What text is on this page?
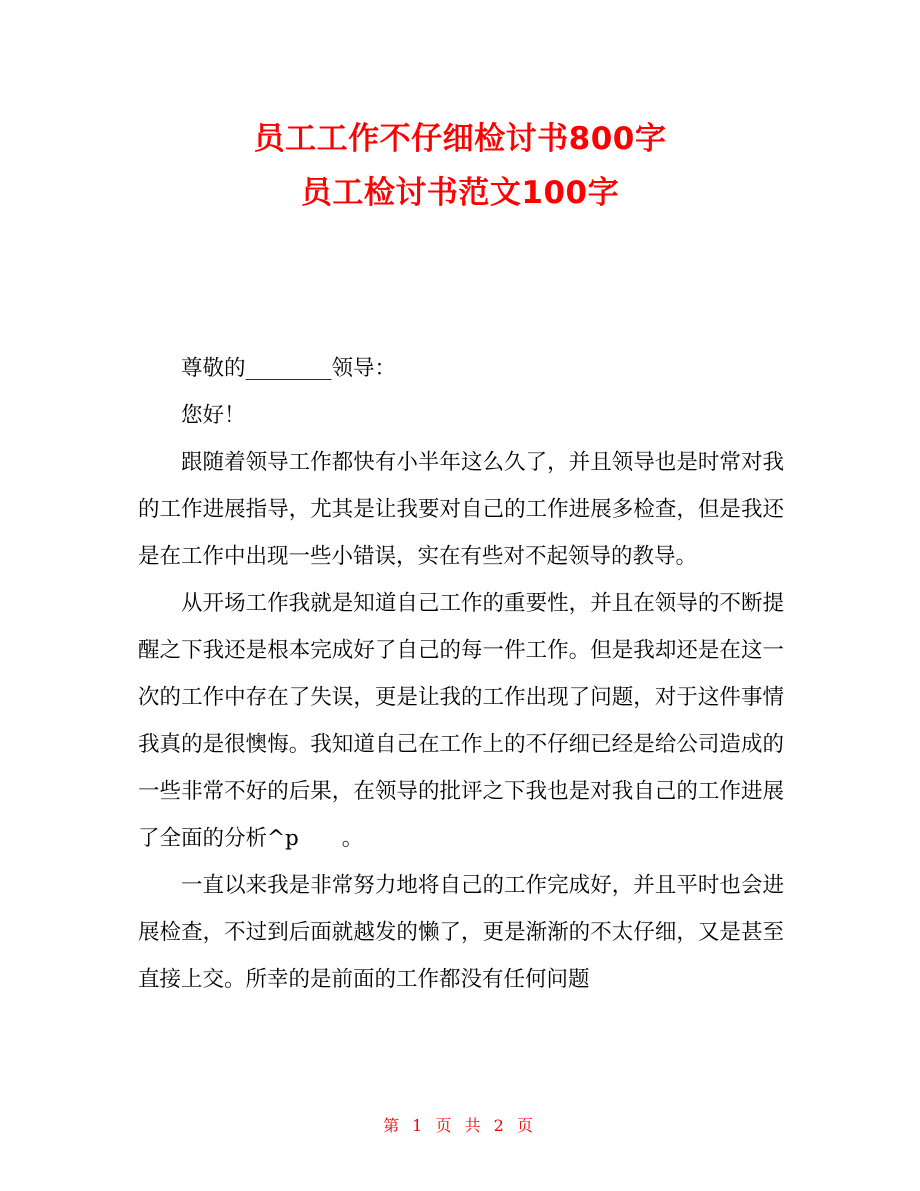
员工工作不仔细检讨书800字
员工检讨书范文100字

尊敬的________领导：

您好！

跟随着领导工作都快有小半年这么久了，并且领导也是时常对我的工作进展指导，尤其是让我要对自己的工作进展多检查，但是我还是在工作中出现一些小错误，实在有些对不起领导的教导。

从开场工作我就是知道自己工作的重要性，并且在领导的不断提醒之下我还是根本完成好了自己的每一件工作。但是我却还是在这一次的工作中存在了失误，更是让我的工作出现了问题，对于这件事情我真的是很懊悔。我知道自己在工作上的不仔细已经是给公司造成的一些非常不好的后果，在领导的批评之下我也是对我自己的工作进展了全面的分析^p　　。

一直以来我是非常努力地将自己的工作完成好，并且平时也会进展检查，不过到后面就越发的懒了，更是渐渐的不太仔细，又是甚至直接上交。所幸的是前面的工作都没有任何问题

第 1 页 共 2 页
